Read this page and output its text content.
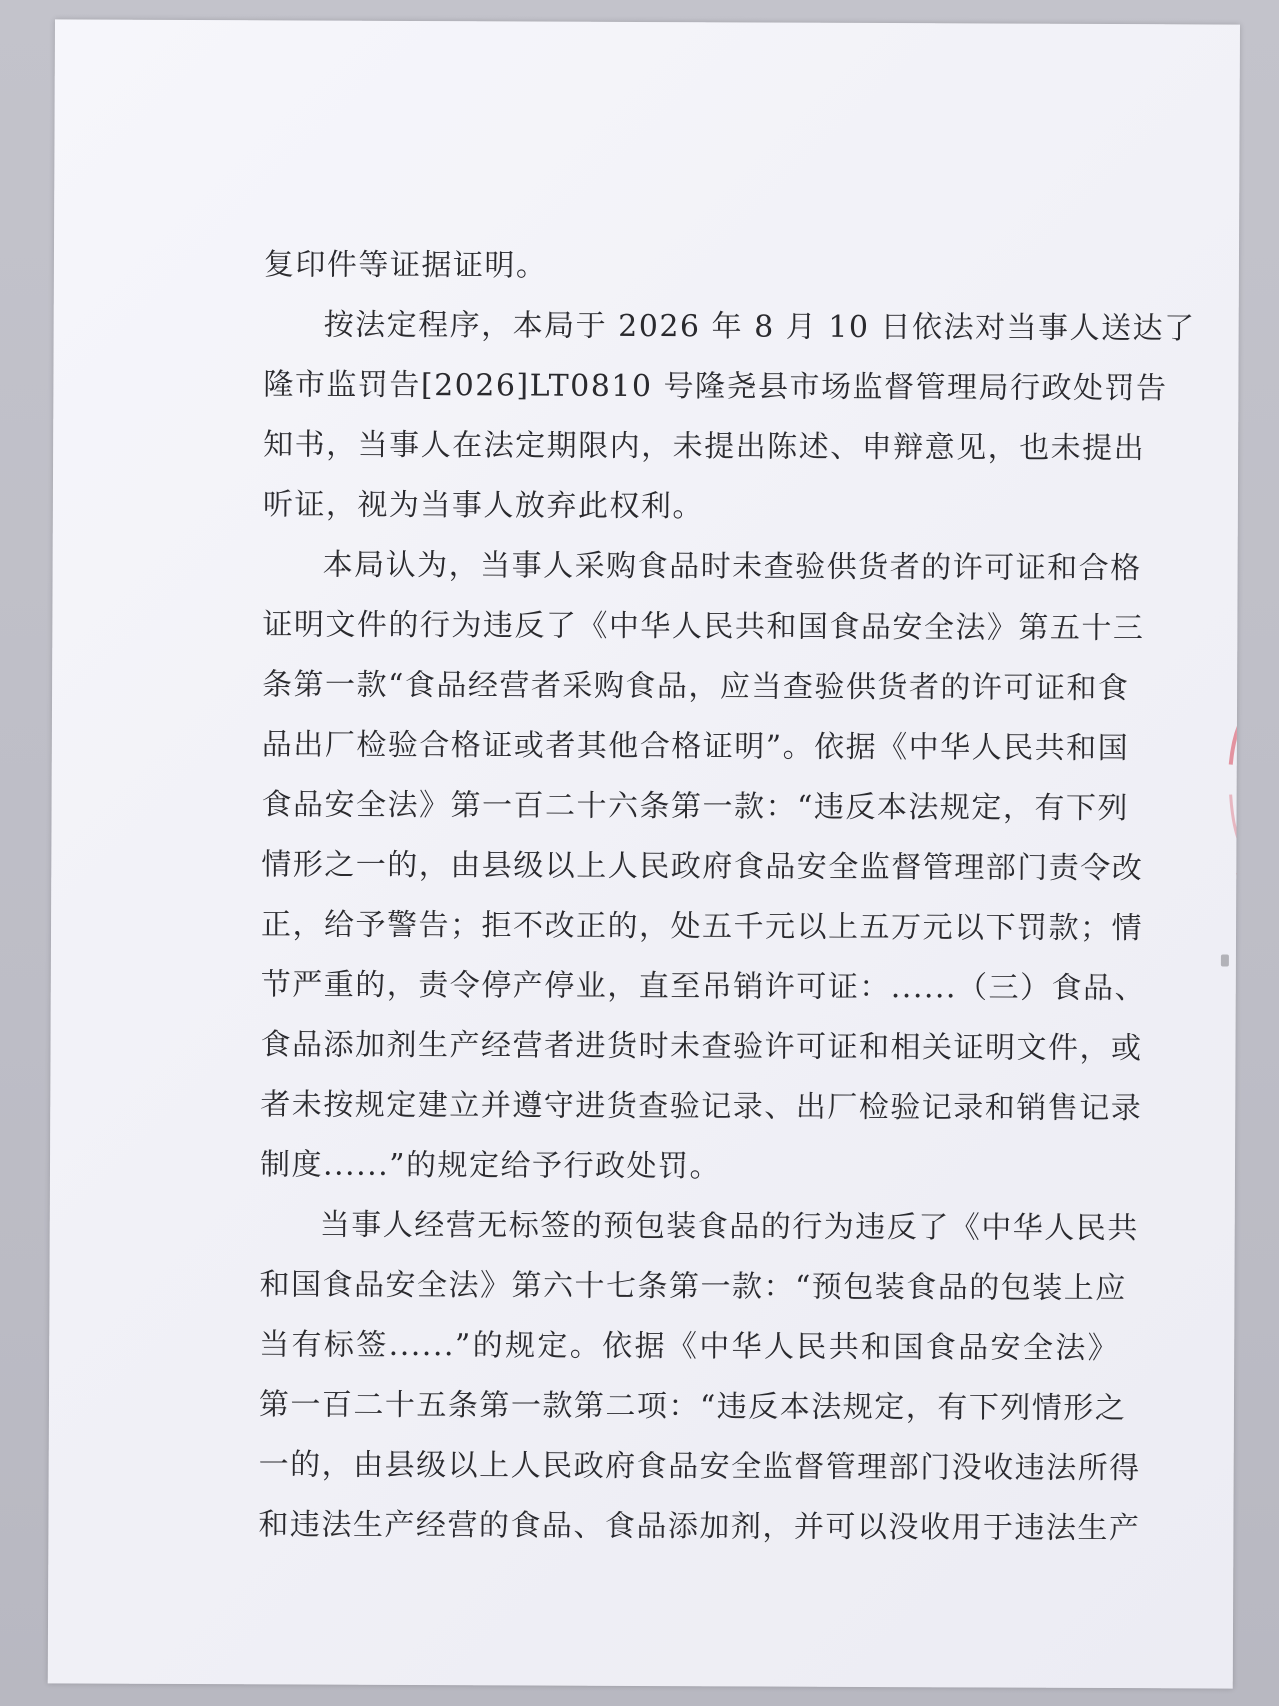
复印件等证据证明。
按法定程序，本局于 2026 年 8 月 10 日依法对当事人送达了
隆市监罚告[2026]LT0810 号隆尧县市场监督管理局行政处罚告
知书，当事人在法定期限内，未提出陈述、申辩意见，也未提出
听证，视为当事人放弃此权利。
本局认为，当事人采购食品时未查验供货者的许可证和合格
证明文件的行为违反了《中华人民共和国食品安全法》第五十三
条第一款“食品经营者采购食品，应当查验供货者的许可证和食
品出厂检验合格证或者其他合格证明”。依据《中华人民共和国
食品安全法》第一百二十六条第一款：“违反本法规定，有下列
情形之一的，由县级以上人民政府食品安全监督管理部门责令改
正，给予警告；拒不改正的，处五千元以上五万元以下罚款；情
节严重的，责令停产停业，直至吊销许可证：......（三）食品、
食品添加剂生产经营者进货时未查验许可证和相关证明文件，或
者未按规定建立并遵守进货查验记录、出厂检验记录和销售记录
制度......”的规定给予行政处罚。
当事人经营无标签的预包装食品的行为违反了《中华人民共
和国食品安全法》第六十七条第一款：“预包装食品的包装上应
当有标签......”的规定。依据《中华人民共和国食品安全法》
第一百二十五条第一款第二项：“违反本法规定，有下列情形之
一的，由县级以上人民政府食品安全监督管理部门没收违法所得
和违法生产经营的食品、食品添加剂，并可以没收用于违法生产
